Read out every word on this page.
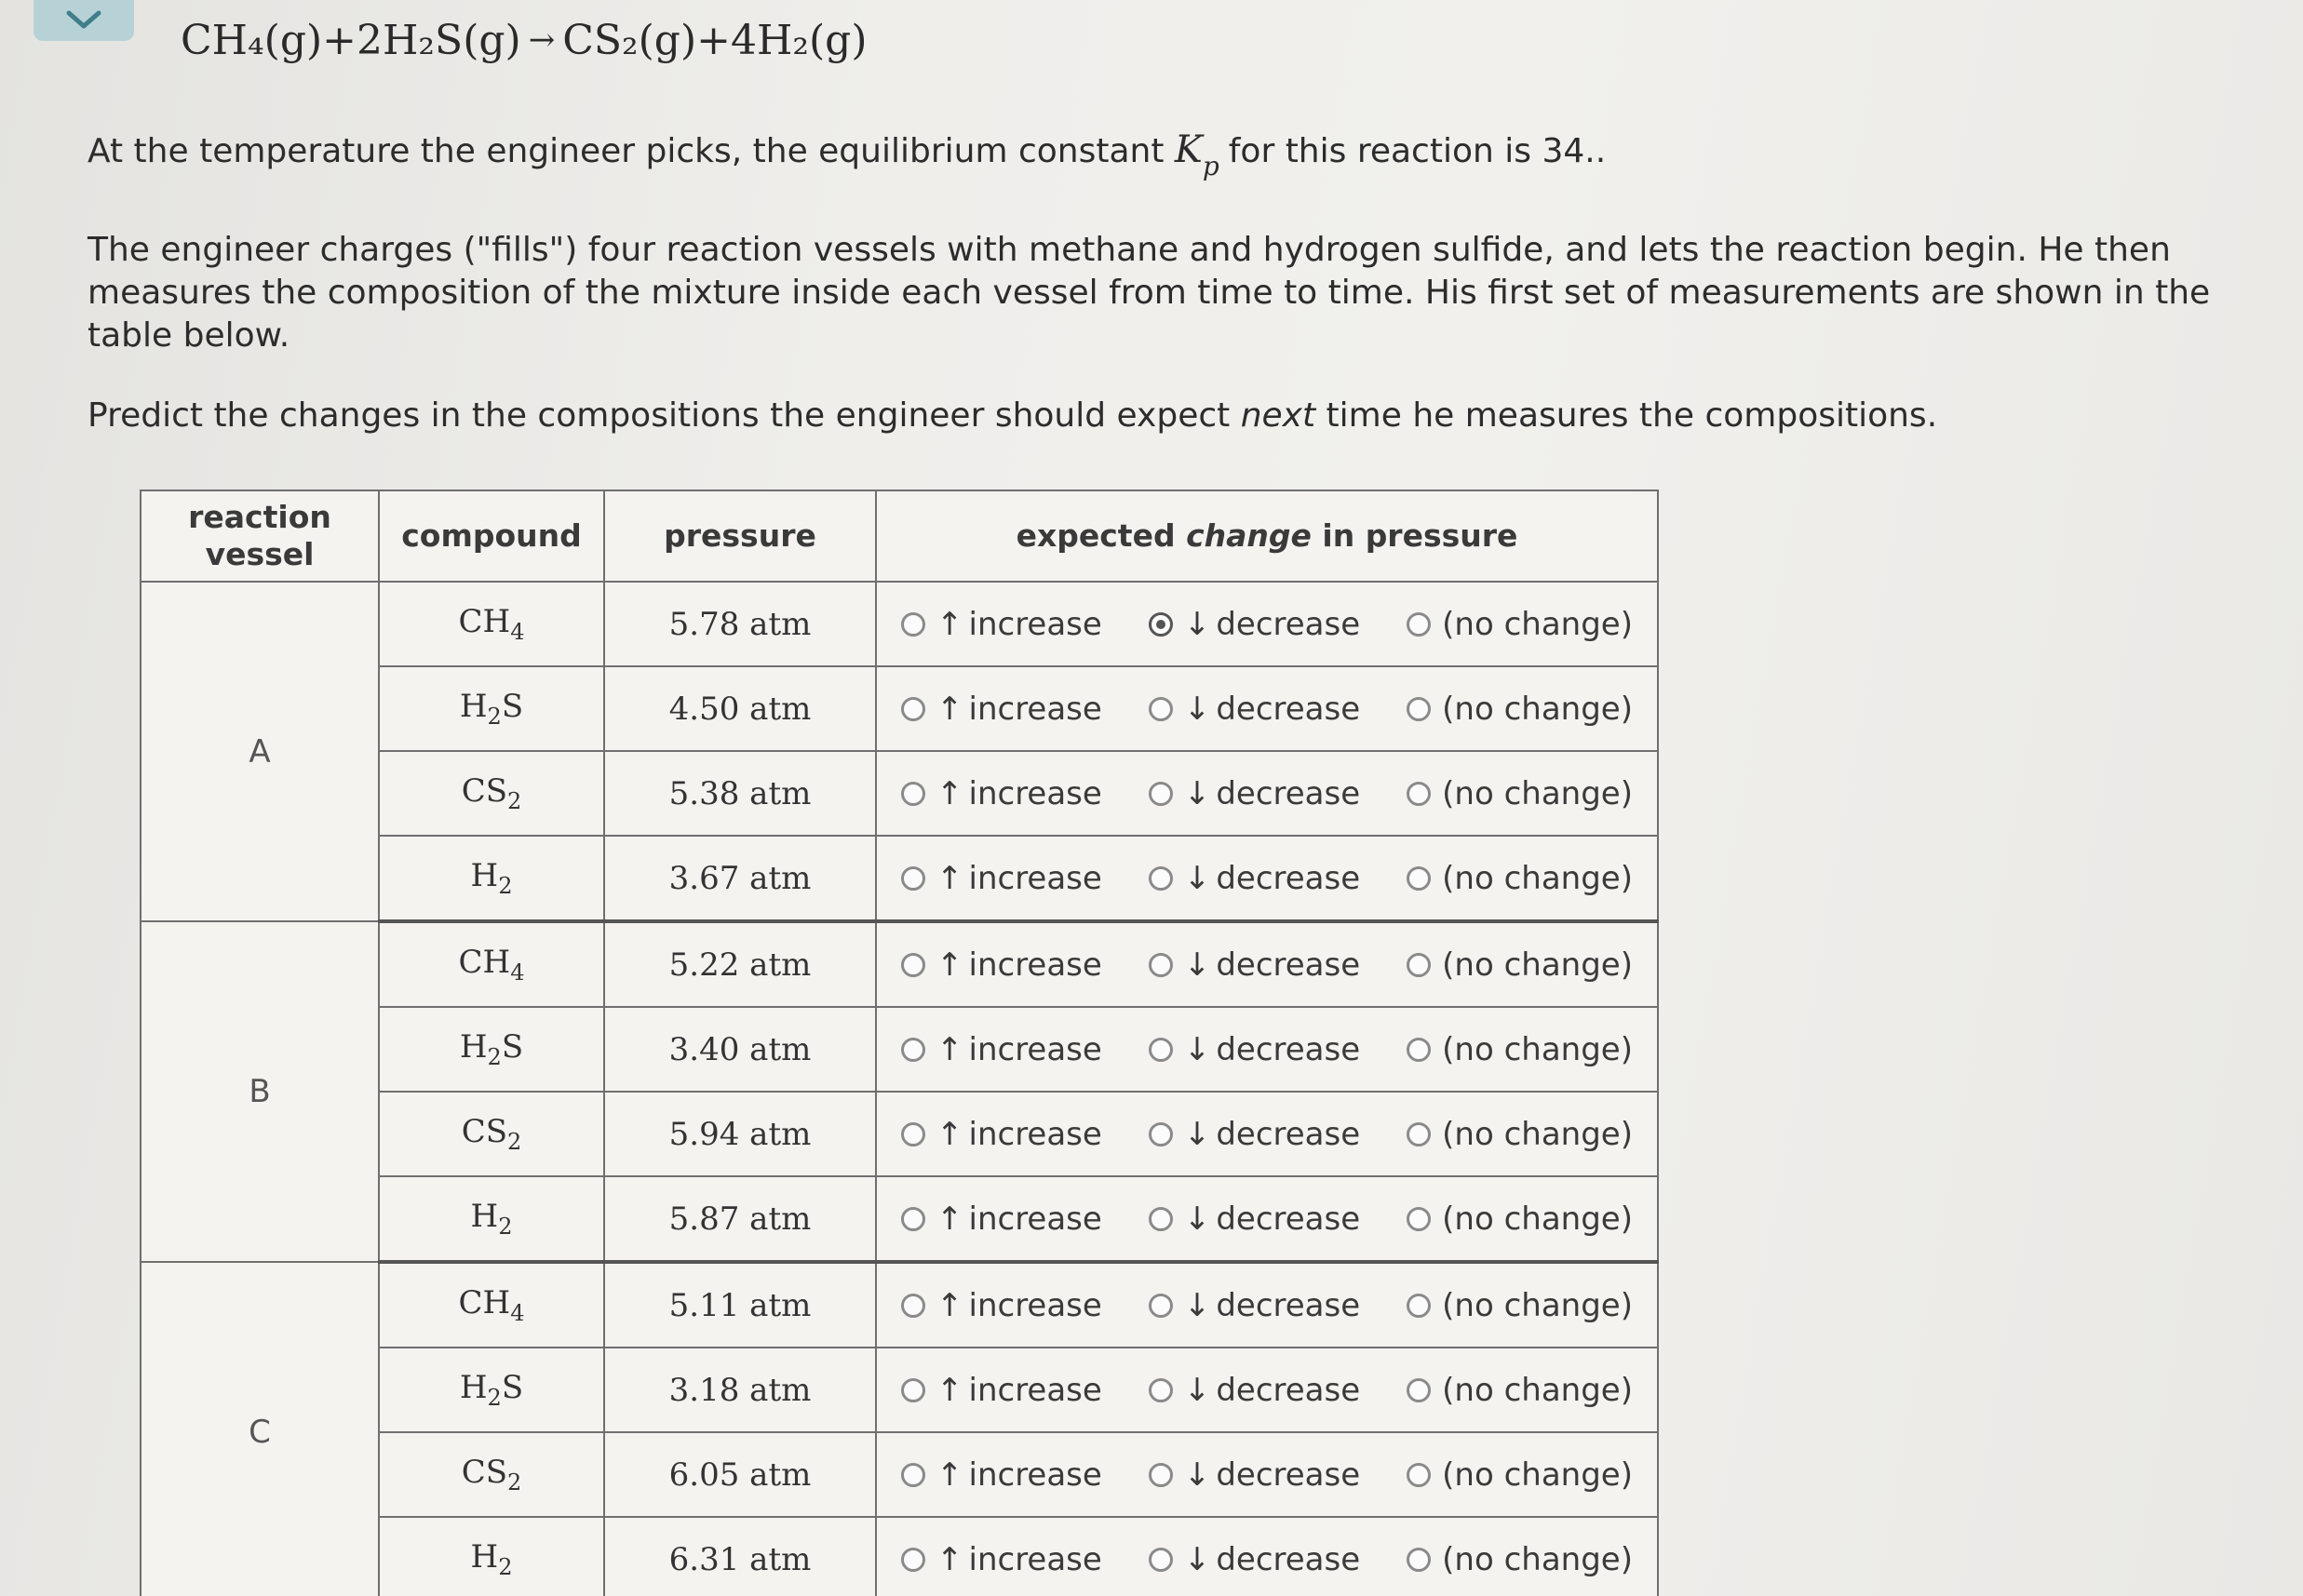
CH₄(g)+2H₂S(g) → CS₂(g)+4H₂(g)
At the temperature the engineer picks, the equilibrium constant $K_p$ for this reaction is 34..
The engineer charges ("fills") four reaction vessels with methane and hydrogen sulfide, and lets the reaction begin. He then measures the composition of the mixture inside each vessel from time to time. His first set of measurements are shown in the table below.
Predict the changes in the compositions the engineer should expect next time he measures the compositions.
reaction
vessel	compound	pressure	expected change in pressure
A	$CH_4$	5.78 atm	↑ increase ↓ decrease (no change)

	$H_2S$	4.50 atm	↑ increase ↓ decrease (no change)

	$CS_2$	5.38 atm	↑ increase ↓ decrease (no change)

	$H_2$	3.67 atm	↑ increase ↓ decrease (no change)

B	$CH_4$	5.22 atm	↑ increase ↓ decrease (no change)

	$H_2S$	3.40 atm	↑ increase ↓ decrease (no change)

	$CS_2$	5.94 atm	↑ increase ↓ decrease (no change)

	$H_2$	5.87 atm	↑ increase ↓ decrease (no change)

C	$CH_4$	5.11 atm	↑ increase ↓ decrease (no change)

	$H_2S$	3.18 atm	↑ increase ↓ decrease (no change)

	$CS_2$	6.05 atm	↑ increase ↓ decrease (no change)

	$H_2$	6.31 atm	↑ increase ↓ decrease (no change)
